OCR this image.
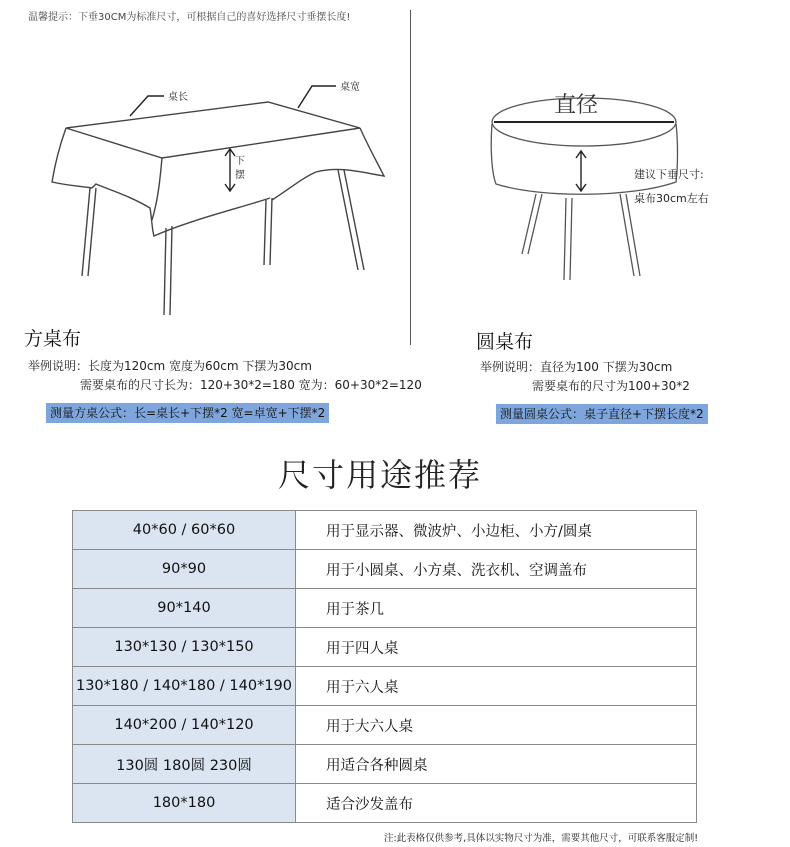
温馨提示：下垂30CM为标准尺寸，可根据自己的喜好选择尺寸垂摆长度!
桌长
桌宽
下
摆
直径
建议下垂尺寸:
桌布30cm左右
方桌布
举例说明：长度为120cm 宽度为60cm 下摆为30cm
需要桌布的尺寸长为：120+30*2=180 宽为：60+30*2=120
测量方桌公式：长=桌长+下摆*2 宽=卓宽+下摆*2
圆桌布
举例说明：直径为100 下摆为30cm
需要桌布的尺寸为100+30*2
测量圆桌公式：桌子直径+下摆长度*2
尺寸用途推荐
40*60 / 60*60	用于显示器、微波炉、小边柜、小方/圆桌
90*90	用于小圆桌、小方桌、洗衣机、空调盖布
90*140	用于茶几
130*130 / 130*150	用于四人桌
130*180 / 140*180 / 140*190	用于六人桌
140*200 / 140*120	用于大六人桌
130圆 180圆 230圆	用适合各种圆桌
180*180	适合沙发盖布
注:此表格仅供参考,具体以实物尺寸为准，需要其他尺寸，可联系客服定制!
